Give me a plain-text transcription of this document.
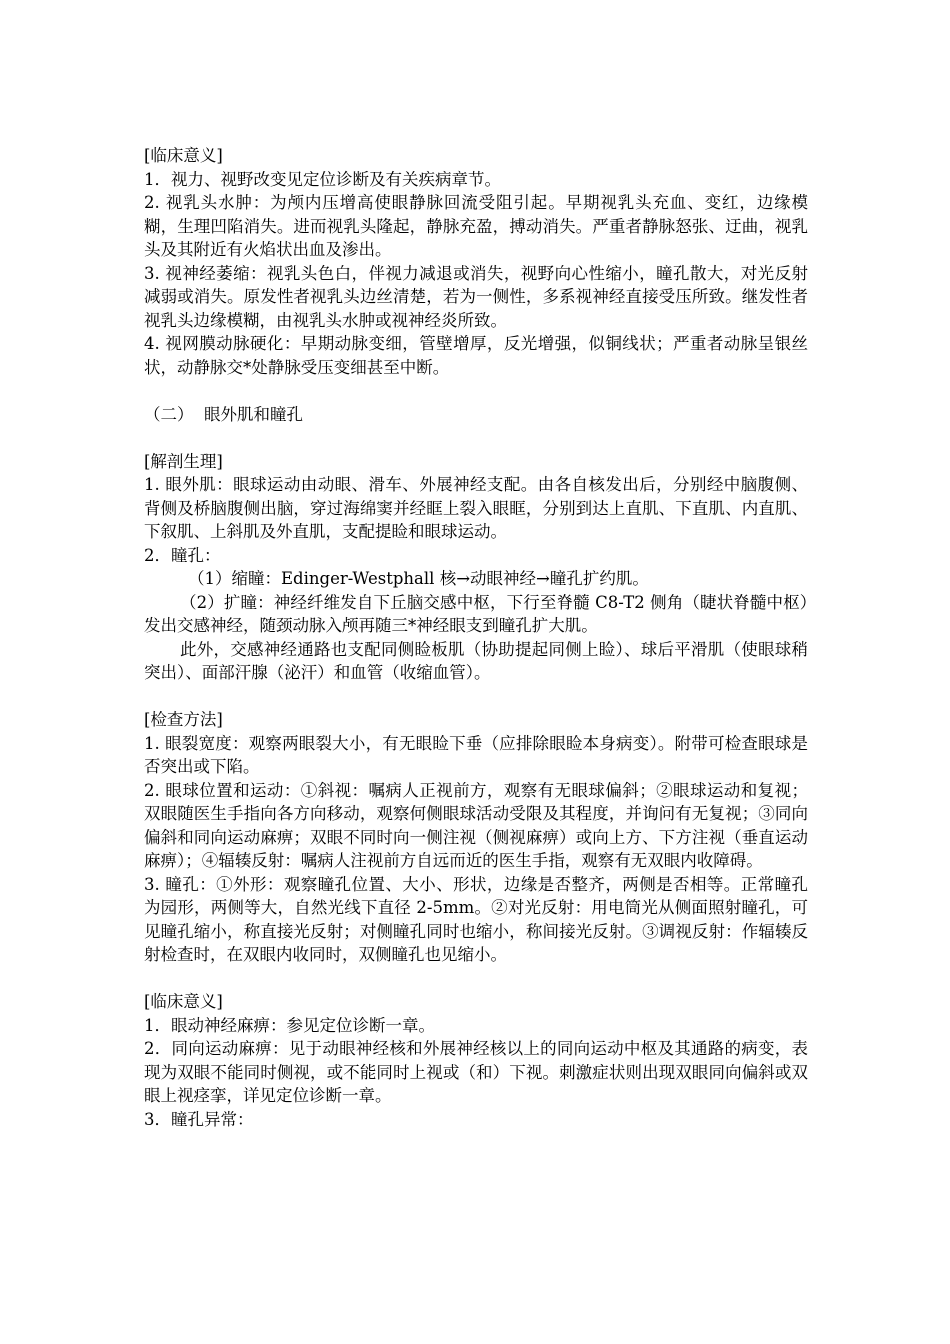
[临床意义]

1．视力、视野改变见定位诊断及有关疾病章节。

2. 视乳头水肿：为颅内压增高使眼静脉回流受阻引起。早期视乳头充血、变红，边缘模糊，生理凹陷消失。进而视乳头隆起，静脉充盈，搏动消失。严重者静脉怒张、迂曲，视乳头及其附近有火焰状出血及渗出。

3. 视神经萎缩：视乳头色白，伴视力减退或消失，视野向心性缩小，瞳孔散大，对光反射减弱或消失。原发性者视乳头边丝清楚，若为一侧性，多系视神经直接受压所致。继发性者视乳头边缘模糊，由视乳头水肿或视神经炎所致。

4. 视网膜动脉硬化：早期动脉变细，管壁增厚，反光增强，似铜线状；严重者动脉呈银丝状，动静脉交*处静脉受压变细甚至中断。

（二）  眼外肌和瞳孔

[解剖生理]

1. 眼外肌：眼球运动由动眼、滑车、外展神经支配。由各自核发出后，分别经中脑腹侧、背侧及桥脑腹侧出脑，穿过海绵窦并经眶上裂入眼眶，分别到达上直肌、下直肌、内直肌、下叙肌、上斜肌及外直肌，支配提睑和眼球运动。

2．瞳孔：

（1）缩瞳：Edinger-Westphall 核→动眼神经→瞳孔扩约肌。

（2）扩瞳：神经纤维发自下丘脑交感中枢，下行至脊髓 C8-T2 侧角（睫状脊髓中枢）发出交感神经，随颈动脉入颅再随三*神经眼支到瞳孔扩大肌。

此外，交感神经通路也支配同侧睑板肌（协助提起同侧上睑）、球后平滑肌（使眼球稍突出）、面部汗腺（泌汗）和血管（收缩血管）。

[检查方法]

1. 眼裂宽度：观察两眼裂大小，有无眼睑下垂（应排除眼睑本身病变）。附带可检查眼球是否突出或下陷。

2. 眼球位置和运动：①斜视：嘱病人正视前方，观察有无眼球偏斜；②眼球运动和复视；双眼随医生手指向各方向移动，观察何侧眼球活动受限及其程度，并询问有无复视；③同向偏斜和同向运动麻痹；双眼不同时向一侧注视（侧视麻痹）或向上方、下方注视（垂直运动麻痹）；④辐辏反射：嘱病人注视前方自远而近的医生手指，观察有无双眼内收障碍。

3. 瞳孔：①外形：观察瞳孔位置、大小、形状，边缘是否整齐，两侧是否相等。正常瞳孔为园形，两侧等大，自然光线下直径 2-5mm。②对光反射：用电筒光从侧面照射瞳孔，可见瞳孔缩小，称直接光反射；对侧瞳孔同时也缩小，称间接光反射。③调视反射：作辐辏反射检查时，在双眼内收同时，双侧瞳孔也见缩小。

[临床意义]

1．眼动神经麻痹：参见定位诊断一章。

2．同向运动麻痹：见于动眼神经核和外展神经核以上的同向运动中枢及其通路的病变，表现为双眼不能同时侧视，或不能同时上视或（和）下视。刺激症状则出现双眼同向偏斜或双眼上视痉挛，详见定位诊断一章。

3．瞳孔异常：
